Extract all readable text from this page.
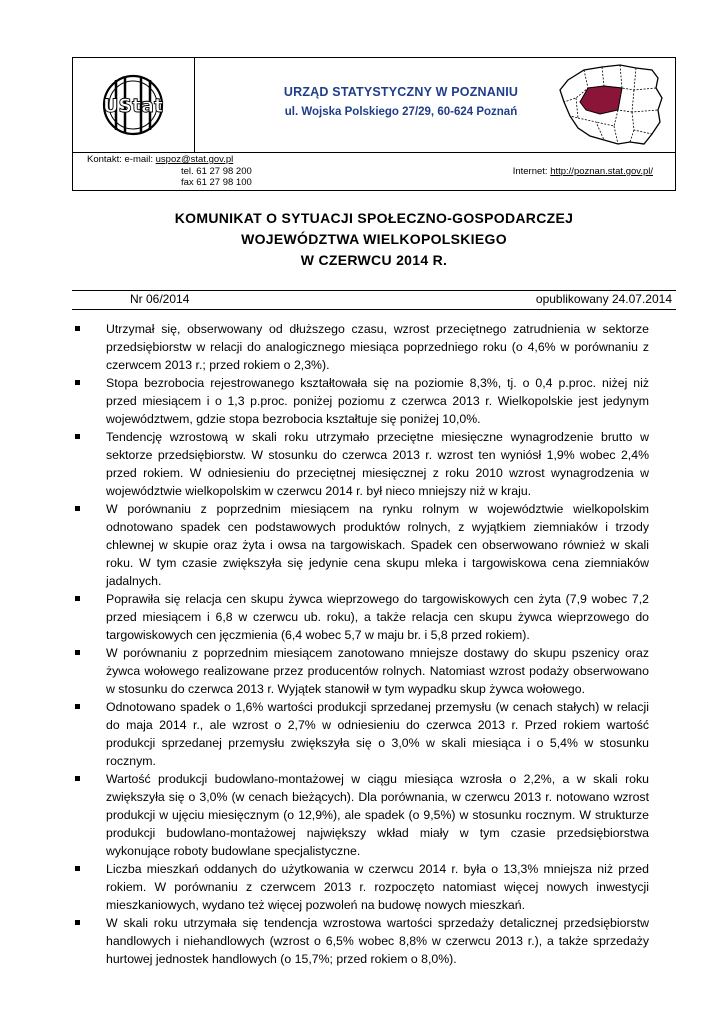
UStat
URZĄD STATYSTYCZNY W POZNANIU
ul. Wojska Polskiego 27/29, 60-624 Poznań
Kontakt: e-mail: uspoz@stat.gov.pl
tel. 61 27 98 200
fax 61 27 98 100
Internet: http://poznan.stat.gov.pl/
KOMUNIKAT O SYTUACJI SPOŁECZNO-GOSPODARCZEJ
WOJEWÓDZTWA WIELKOPOLSKIEGO
W CZERWCU 2014 R.
Nr 06/2014	opublikowany 24.07.2014
Utrzymał się, obserwowany od dłuższego czasu, wzrost przeciętnego zatrudnienia w sektorze przedsiębiorstw w relacji do analogicznego miesiąca poprzedniego roku (o 4,6% w porównaniu z czerwcem 2013 r.; przed rokiem o 2,3%).
Stopa bezrobocia rejestrowanego kształtowała się na poziomie 8,3%, tj. o 0,4 p.proc. niżej niż przed miesiącem i o 1,3 p.proc. poniżej poziomu z czerwca 2013 r. Wielkopolskie jest jedynym województwem, gdzie stopa bezrobocia kształtuje się poniżej 10,0%.
Tendencję wzrostową w skali roku utrzymało przeciętne miesięczne wynagrodzenie brutto w sektorze przedsiębiorstw. W stosunku do czerwca 2013 r. wzrost ten wyniósł 1,9% wobec 2,4% przed rokiem. W odniesieniu do przeciętnej miesięcznej z roku 2010 wzrost wynagrodzenia w województwie wielkopolskim w czerwcu 2014 r. był nieco mniejszy niż w kraju.
W porównaniu z poprzednim miesiącem na rynku rolnym w województwie wielkopolskim odnotowano spadek cen podstawowych produktów rolnych, z wyjątkiem ziemniaków i trzody chlewnej w skupie oraz żyta i owsa na targowiskach. Spadek cen obserwowano również w skali roku. W tym czasie zwiększyła się jedynie cena skupu mleka i targowiskowa cena ziemniaków jadalnych.
Poprawiła się relacja cen skupu żywca wieprzowego do targowiskowych cen żyta (7,9 wobec 7,2 przed miesiącem i 6,8 w czerwcu ub. roku), a także relacja cen skupu żywca wieprzowego do targowiskowych cen jęczmienia (6,4 wobec 5,7 w maju br. i 5,8 przed rokiem).
W porównaniu z poprzednim miesiącem zanotowano mniejsze dostawy do skupu pszenicy oraz żywca wołowego realizowane przez producentów rolnych. Natomiast wzrost podaży obserwowano w stosunku do czerwca 2013 r. Wyjątek stanowił w tym wypadku skup żywca wołowego.
Odnotowano spadek o 1,6% wartości produkcji sprzedanej przemysłu (w cenach stałych) w relacji do maja 2014 r., ale wzrost o 2,7% w odniesieniu do czerwca 2013 r. Przed rokiem wartość produkcji sprzedanej przemysłu zwiększyła się o 3,0% w skali miesiąca i o 5,4% w stosunku rocznym.
Wartość produkcji budowlano-montażowej w ciągu miesiąca wzrosła o 2,2%, a w skali roku zwiększyła się o 3,0% (w cenach bieżących). Dla porównania, w czerwcu 2013 r. notowano wzrost produkcji w ujęciu miesięcznym (o 12,9%), ale spadek (o 9,5%) w stosunku rocznym. W strukturze produkcji budowlano-montażowej największy wkład miały w tym czasie przedsiębiorstwa wykonujące roboty budowlane specjalistyczne.
Liczba mieszkań oddanych do użytkowania w czerwcu 2014 r. była o 13,3% mniejsza niż przed rokiem. W porównaniu z czerwcem 2013 r. rozpoczęto natomiast więcej nowych inwestycji mieszkaniowych, wydano też więcej pozwoleń na budowę nowych mieszkań.
W skali roku utrzymała się tendencja wzrostowa wartości sprzedaży detalicznej przedsiębiorstw handlowych i niehandlowych (wzrost o 6,5% wobec 8,8% w czerwcu 2013 r.), a także sprzedaży hurtowej jednostek handlowych (o 15,7%; przed rokiem o 8,0%).
